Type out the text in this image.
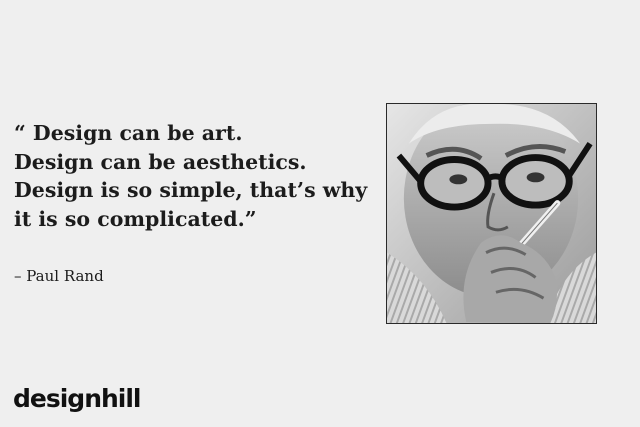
“ Design can be art.
Design can be aesthetics.
Design is so simple, that’s why
it is so complicated.”
– Paul Rand
designhill
